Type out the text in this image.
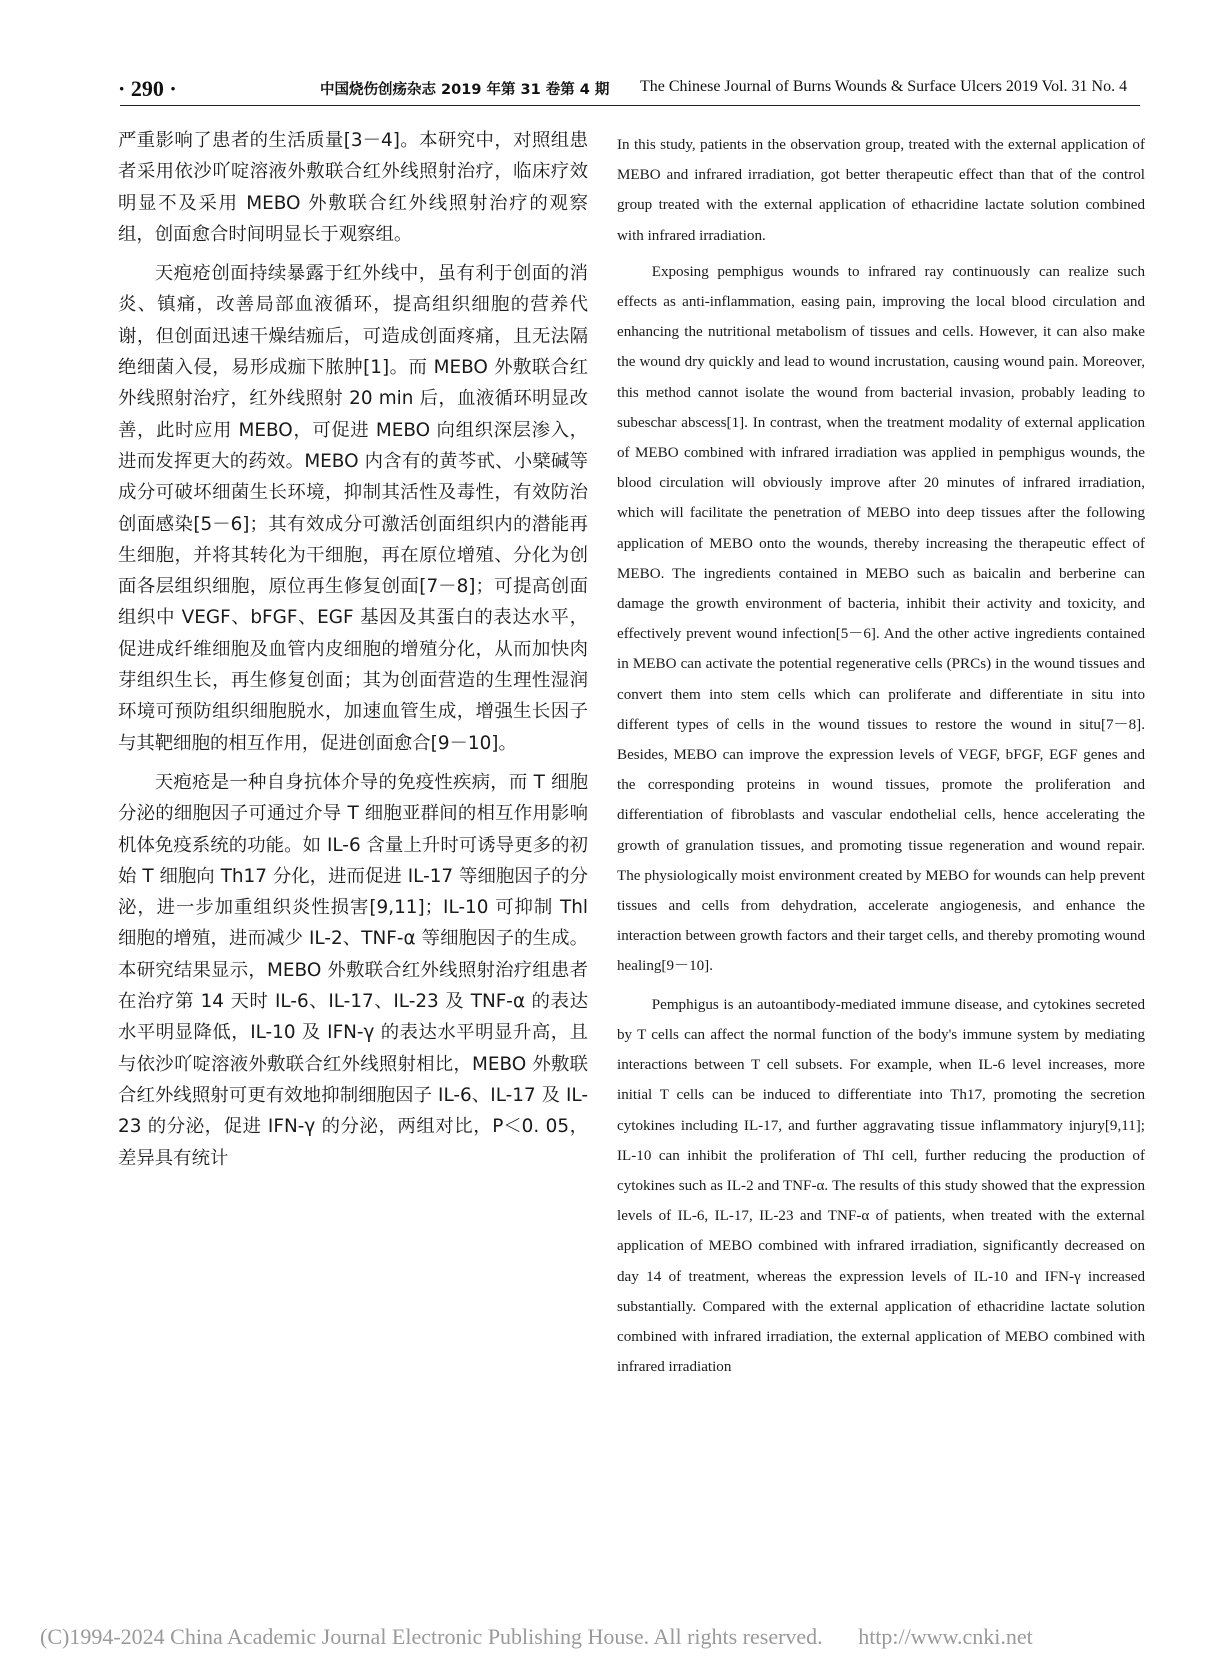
· 290 ·	中国烧伤创疡杂志 2019 年第 31 卷第 4 期 The Chinese Journal of Burns Wounds & Surface Ulcers 2019 Vol. 31 No. 4

严重影响了患者的生活质量[3－4]。本研究中，对照组患者采用依沙吖啶溶液外敷联合红外线照射治疗，临床疗效明显不及采用 MEBO 外敷联合红外线照射治疗的观察组，创面愈合时间明显长于观察组。

天疱疮创面持续暴露于红外线中，虽有利于创面的消炎、镇痛，改善局部血液循环，提高组织细胞的营养代谢，但创面迅速干燥结痂后，可造成创面疼痛，且无法隔绝细菌入侵，易形成痂下脓肿[1]。而 MEBO 外敷联合红外线照射治疗，红外线照射 20 min 后，血液循环明显改善，此时应用 MEBO，可促进 MEBO 向组织深层渗入，进而发挥更大的药效。MEBO 内含有的黄芩甙、小檗碱等成分可破坏细菌生长环境，抑制其活性及毒性，有效防治创面感染[5－6]；其有效成分可激活创面组织内的潜能再生细胞，并将其转化为干细胞，再在原位增殖、分化为创面各层组织细胞，原位再生修复创面[7－8]；可提高创面组织中 VEGF、bFGF、EGF 基因及其蛋白的表达水平，促进成纤维细胞及血管内皮细胞的增殖分化，从而加快肉芽组织生长，再生修复创面；其为创面营造的生理性湿润环境可预防组织细胞脱水，加速血管生成，增强生长因子与其靶细胞的相互作用，促进创面愈合[9－10]。

天疱疮是一种自身抗体介导的免疫性疾病，而 T 细胞分泌的细胞因子可通过介导 T 细胞亚群间的相互作用影响机体免疫系统的功能。如 IL-6 含量上升时可诱导更多的初始 T 细胞向 Th17 分化，进而促进 IL-17 等细胞因子的分泌，进一步加重组织炎性损害[9,11]；IL-10 可抑制 Thl 细胞的增殖，进而减少 IL-2、TNF-α 等细胞因子的生成。本研究结果显示，MEBO 外敷联合红外线照射治疗组患者在治疗第 14 天时 IL-6、IL-17、IL-23 及 TNF-α 的表达水平明显降低，IL-10 及 IFN-γ 的表达水平明显升高，且与依沙吖啶溶液外敷联合红外线照射相比，MEBO 外敷联合红外线照射可更有效地抑制细胞因子 IL-6、IL-17 及 IL-23 的分泌，促进 IFN-γ 的分泌，两组对比，P＜0. 05，差异具有统计

In this study, patients in the observation group, treated with the external application of MEBO and infrared irradiation, got better therapeutic effect than that of the control group treated with the external application of ethacridine lactate solution combined with infrared irradiation.

Exposing pemphigus wounds to infrared ray continuously can realize such effects as anti-inflammation, easing pain, improving the local blood circulation and enhancing the nutritional metabolism of tissues and cells. However, it can also make the wound dry quickly and lead to wound incrustation, causing wound pain. Moreover, this method cannot isolate the wound from bacterial invasion, probably leading to subeschar abscess[1]. In contrast, when the treatment modality of external application of MEBO combined with infrared irradiation was applied in pemphigus wounds, the blood circulation will obviously improve after 20 minutes of infrared irradiation, which will facilitate the penetration of MEBO into deep tissues after the following application of MEBO onto the wounds, thereby increasing the therapeutic effect of MEBO. The ingredients contained in MEBO such as baicalin and berberine can damage the growth environment of bacteria, inhibit their activity and toxicity, and effectively prevent wound infection[5－6]. And the other active ingredients contained in MEBO can activate the potential regenerative cells (PRCs) in the wound tissues and convert them into stem cells which can proliferate and differentiate in situ into different types of cells in the wound tissues to restore the wound in situ[7－8]. Besides, MEBO can improve the expression levels of VEGF, bFGF, EGF genes and the corresponding proteins in wound tissues, promote the proliferation and differentiation of fibroblasts and vascular endothelial cells, hence accelerating the growth of granulation tissues, and promoting tissue regeneration and wound repair. The physiologically moist environment created by MEBO for wounds can help prevent tissues and cells from dehydration, accelerate angiogenesis, and enhance the interaction between growth factors and their target cells, and thereby promoting wound healing[9－10].

Pemphigus is an autoantibody-mediated immune disease, and cytokines secreted by T cells can affect the normal function of the body's immune system by mediating interactions between T cell subsets. For example, when IL-6 level increases, more initial T cells can be induced to differentiate into Th17, promoting the secretion cytokines including IL-17, and further aggravating tissue inflammatory injury[9,11]; IL-10 can inhibit the proliferation of ThI cell, further reducing the production of cytokines such as IL-2 and TNF-α. The results of this study showed that the expression levels of IL-6, IL-17, IL-23 and TNF-α of patients, when treated with the external application of MEBO combined with infrared irradiation, significantly decreased on day 14 of treatment, whereas the expression levels of IL-10 and IFN-γ increased substantially. Compared with the external application of ethacridine lactate solution combined with infrared irradiation, the external application of MEBO combined with infrared irradiation

(C)1994-2024 China Academic Journal Electronic Publishing House. All rights reserved. http://www.cnki.net
